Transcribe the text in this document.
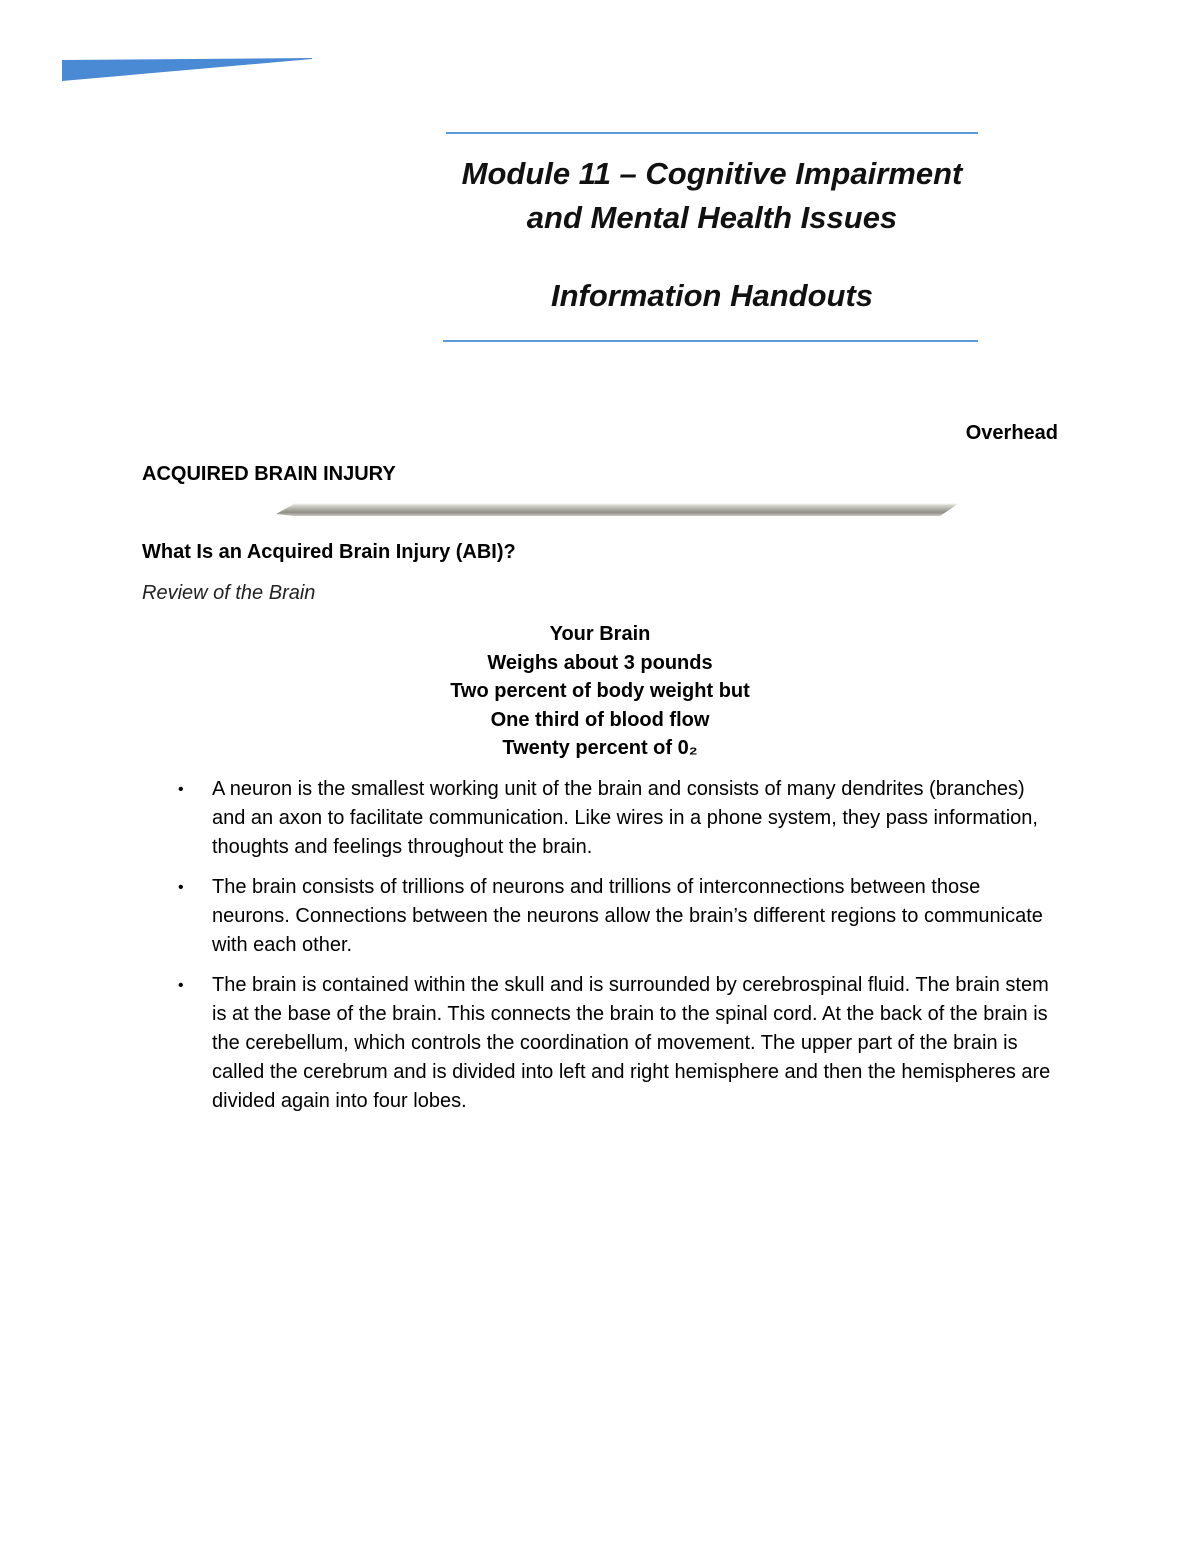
Module 11 – Cognitive Impairment
and Mental Health Issues
Information Handouts
Overhead
ACQUIRED BRAIN INJURY
What Is an Acquired Brain Injury (ABI)?
Review of the Brain
Your Brain
Weighs about 3 pounds
Two percent of body weight but
One third of blood flow
Twenty percent of 0₂
• A neuron is the smallest working unit of the brain and consists of many dendrites (branches) and an axon to facilitate communication. Like wires in a phone system, they pass information, thoughts and feelings throughout the brain.
• The brain consists of trillions of neurons and trillions of interconnections between those neurons. Connections between the neurons allow the brain’s different regions to communicate with each other.
• The brain is contained within the skull and is surrounded by cerebrospinal fluid. The brain stem is at the base of the brain. This connects the brain to the spinal cord. At the back of the brain is the cerebellum, which controls the coordination of movement. The upper part of the brain is called the cerebrum and is divided into left and right hemisphere and then the hemispheres are divided again into four lobes.
